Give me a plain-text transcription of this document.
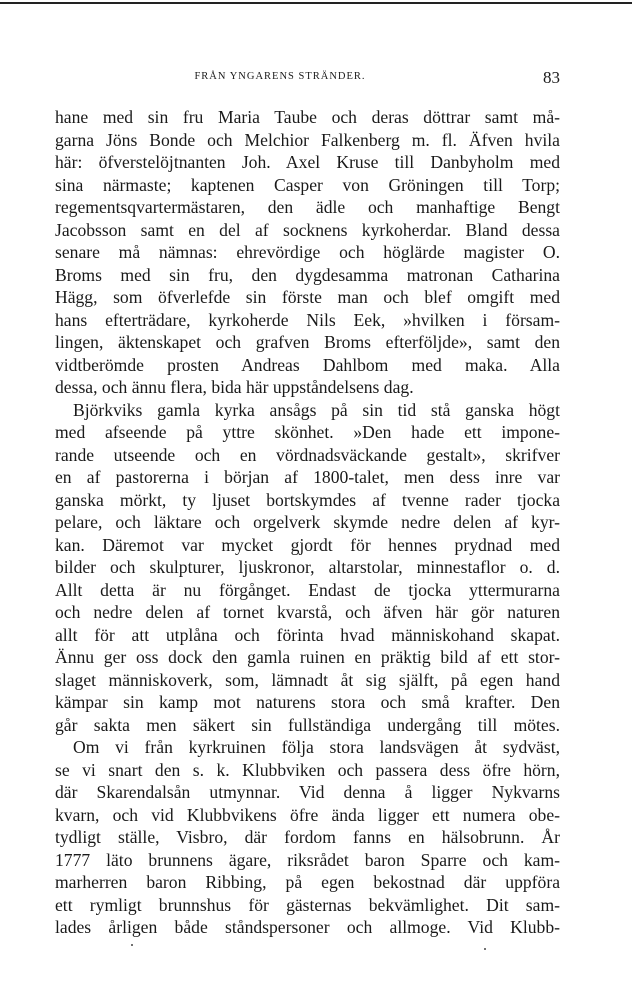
FRÅN YNGARENS STRÄNDER.	83
hane med sin fru Maria Taube och deras döttrar samt må-
garna Jöns Bonde och Melchior Falkenberg m. fl. Äfven hvila
här: öfverstelöjtnanten Joh. Axel Kruse till Danbyholm med
sina närmaste; kaptenen Casper von Gröningen till Torp;
regementsqvartermästaren, den ädle och manhaftige Bengt
Jacobsson samt en del af socknens kyrkoherdar. Bland dessa
senare må nämnas: ehrevördige och höglärde magister O.
Broms med sin fru, den dygdesamma matronan Catharina
Hägg, som öfverlefde sin förste man och blef omgift med
hans efterträdare, kyrkoherde Nils Eek, »hvilken i försam-
lingen, äktenskapet och grafven Broms efterföljde», samt den
vidtberömde prosten Andreas Dahlbom med maka. Alla
dessa, och ännu flera, bida här uppståndelsens dag.
Björkviks gamla kyrka ansågs på sin tid stå ganska högt
med afseende på yttre skönhet. »Den hade ett impone-
rande utseende och en vördnadsväckande gestalt», skrifver
en af pastorerna i början af 1800-talet, men dess inre var
ganska mörkt, ty ljuset bortskymdes af tvenne rader tjocka
pelare, och läktare och orgelverk skymde nedre delen af kyr-
kan. Däremot var mycket gjordt för hennes prydnad med
bilder och skulpturer, ljuskronor, altarstolar, minnestaflor o. d.
Allt detta är nu förgånget. Endast de tjocka yttermurarna
och nedre delen af tornet kvarstå, och äfven här gör naturen
allt för att utplåna och förinta hvad människohand skapat.
Ännu ger oss dock den gamla ruinen en präktig bild af ett stor-
slaget människoverk, som, lämnadt åt sig själft, på egen hand
kämpar sin kamp mot naturens stora och små krafter. Den
går sakta men säkert sin fullständiga undergång till mötes.
Om vi från kyrkruinen följa stora landsvägen åt sydväst,
se vi snart den s. k. Klubbviken och passera dess öfre hörn,
där Skarendalsån utmynnar. Vid denna å ligger Nykvarns
kvarn, och vid Klubbvikens öfre ända ligger ett numera obe-
tydligt ställe, Visbro, där fordom fanns en hälsobrunn. År
1777 läto brunnens ägare, riksrådet baron Sparre och kam-
marherren baron Ribbing, på egen bekostnad där uppföra
ett rymligt brunnshus för gästernas bekvämlighet. Dit sam-
lades årligen både ståndspersoner och allmoge. Vid Klubb-
